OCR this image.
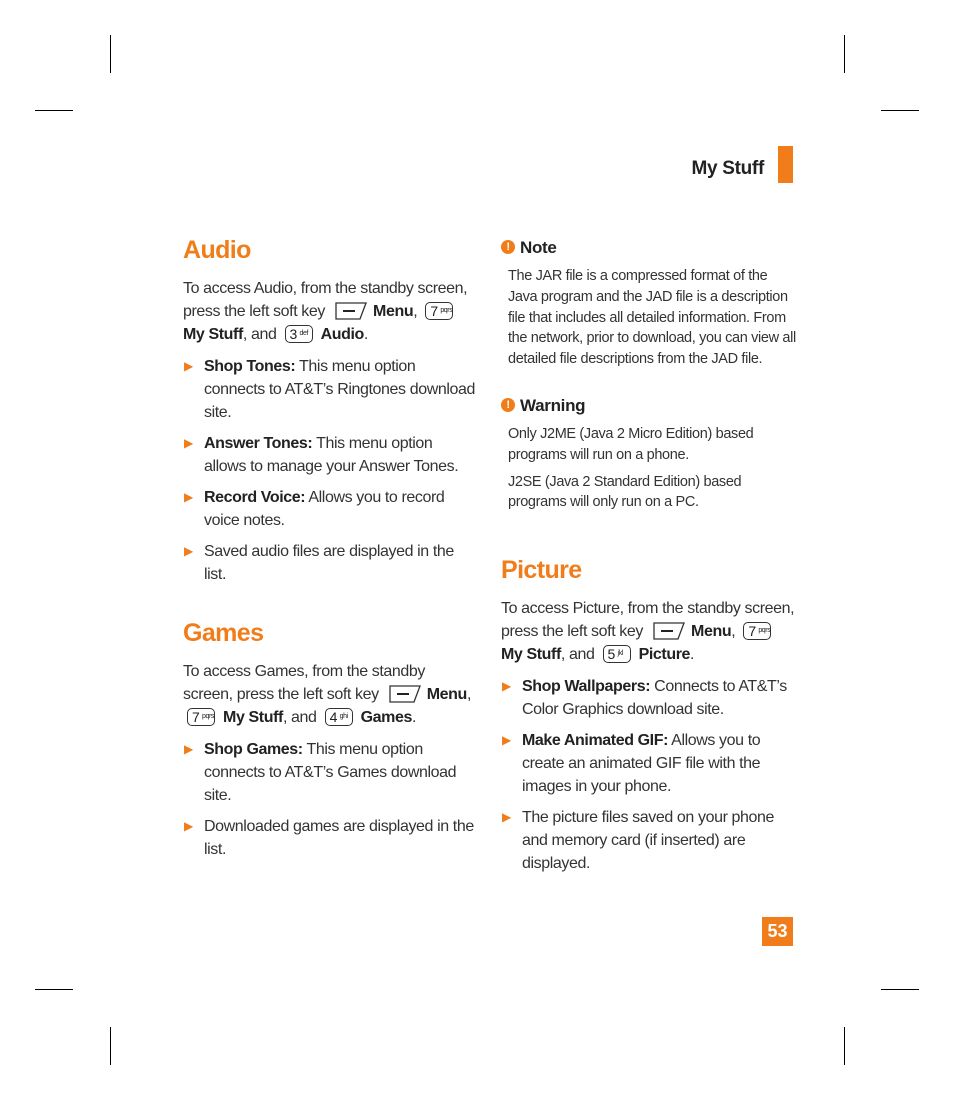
My Stuff
Audio

To access Audio, from the standby screen, press the left soft key	Menu, 7 pqrs
My Stuff, and 3 def Audio.

▶ Shop Tones: This menu option connects to AT&T’s Ringtones download site.
▶ Answer Tones: This menu option allows to manage your Answer Tones.
▶ Record Voice: Allows you to record voice notes.
▶ Saved audio files are displayed in the list.
Games

To access Games, from the standby screen, press the left soft key	Menu,
7 pqrs My Stuff, and 4 ghi Games.

▶ Shop Games: This menu option connects to AT&T’s Games download site.
▶ Downloaded games are displayed in the list.
! Note

The JAR file is a compressed format of the Java program and the JAD file is a description file that includes all detailed information. From the network, prior to download, you can view all detailed file descriptions from the JAD file.

! Warning

Only J2ME (Java 2 Micro Edition) based programs will run on a phone.

J2SE (Java 2 Standard Edition) based programs will only run on a PC.

Picture

To access Picture, from the standby screen, press the left soft key	Menu, 7 pqrs
My Stuff, and 5 jkl Picture.

▶ Shop Wallpapers: Connects to AT&T’s Color Graphics download site.
▶ Make Animated GIF: Allows you to create an animated GIF file with the images in your phone.
▶ The picture files saved on your phone and memory card (if inserted) are displayed.
53
